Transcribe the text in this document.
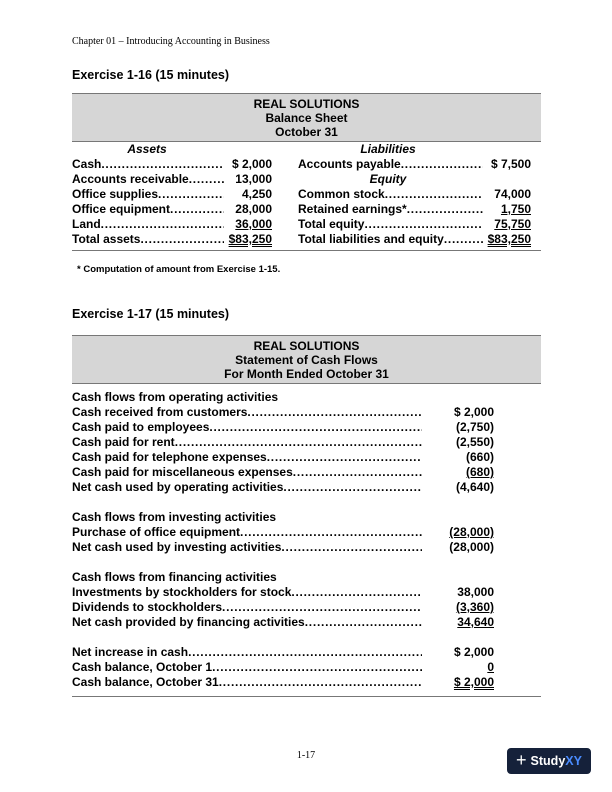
Chapter 01 – Introducing Accounting in Business
Exercise 1-16 (15 minutes)
REAL SOLUTIONS
Balance Sheet
October 31
Assets
Cash . . .	$ 2,000
Accounts receivable . . .	13,000
Office supplies . . .	4,250
Office equipment . . .	28,000
Land . . .	36,000
Total assets . . .	$83,250
Liabilities
Accounts payable . . .	$ 7,500
Equity
Common stock . . .	74,000
Retained earnings* . . .	1,750
Total equity . . .	75,750
Total liabilities and equity . . .	$83,250
* Computation of amount from Exercise 1-15.
Exercise 1-17 (15 minutes)
REAL SOLUTIONS
Statement of Cash Flows
For Month Ended October 31
Cash flows from operating activities
Cash received from customers . . .	$ 2,000
Cash paid to employees . . .	(2,750)
Cash paid for rent . . .	(2,550)
Cash paid for telephone expenses . . .	(660)
Cash paid for miscellaneous expenses . . .	(680)
Net cash used by operating activities . . .	(4,640)
Cash flows from investing activities
Purchase of office equipment . . .	(28,000)
Net cash used by investing activities . . .	(28,000)
Cash flows from financing activities
Investments by stockholders for stock . . .	38,000
Dividends to stockholders . . .	(3,360)
Net cash provided by financing activities . . .	34,640
Net increase in cash . . .	$ 2,000
Cash balance, October 1 . . .	0
Cash balance, October 31 . . .	$ 2,000
1-17	+ StudyXY
